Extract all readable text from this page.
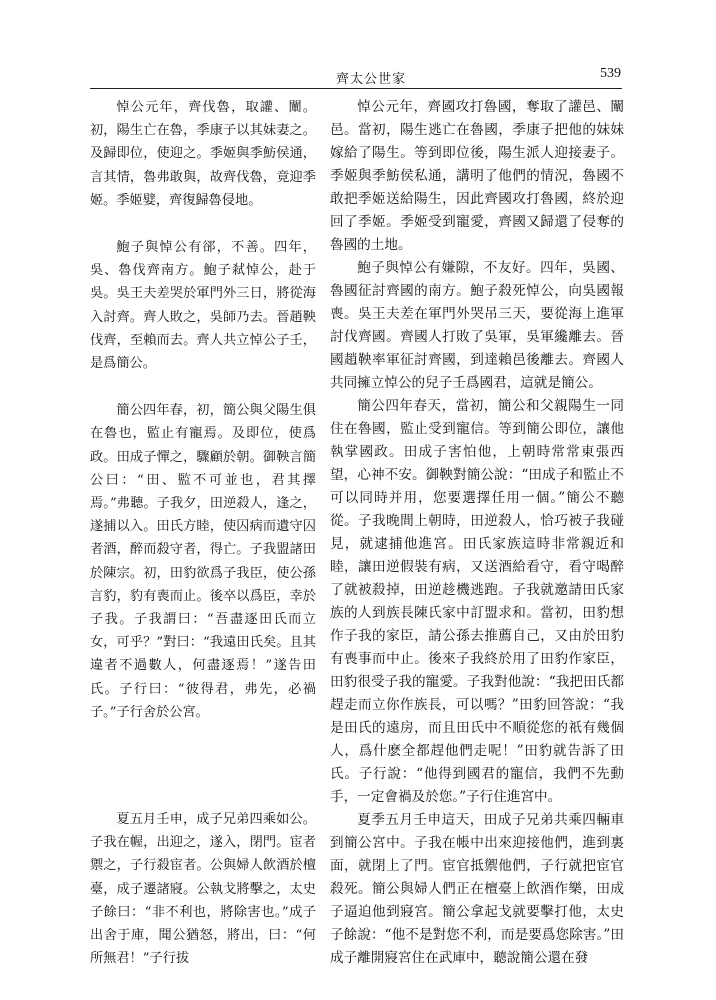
齊太公世家	539

悼公元年，齊伐魯，取讙、闡。初，陽生亡在魯，季康子以其妹妻之。及歸即位，使迎之。季姬與季魴侯通，言其情，魯弗敢與，故齊伐魯，竟迎季姬。季姬嬖，齊復歸魯侵地。

鮑子與悼公有郤，不善。四年，吳、魯伐齊南方。鮑子弒悼公，赴于吳。吳王夫差哭於軍門外三日，將從海入討齊。齊人敗之，吳師乃去。晉趙鞅伐齊，至賴而去。齊人共立悼公子壬，是爲簡公。

簡公四年春，初，簡公與父陽生俱在魯也，監止有寵焉。及即位，使爲政。田成子憚之，驟顧於朝。御鞅言簡公曰：“田、監不可並也，君其擇焉。”弗聽。子我夕，田逆殺人，逢之，遂捕以入。田氏方睦，使囚病而遺守囚者酒，醉而殺守者，得亡。子我盟諸田於陳宗。初，田豹欲爲子我臣，使公孫言豹，豹有喪而止。後卒以爲臣，幸於子我。子我謂曰：“吾盡逐田氏而立女，可乎？”對曰：“我遠田氏矣。且其違者不過數人，何盡逐焉！”遂告田氏。子行曰：“彼得君，弗先，必禍子。”子行舍於公宮。

夏五月壬申，成子兄弟四乘如公。子我在幄，出迎之，遂入，閉門。宦者禦之，子行殺宦者。公與婦人飲酒於檀臺，成子遷諸寢。公執戈將擊之，太史子餘曰：“非不利也，將除害也。”成子出舍于庫，聞公猶怒，將出，曰：“何所無君！”子行拔

悼公元年，齊國攻打魯國，奪取了讙邑、闡邑。當初，陽生逃亡在魯國，季康子把他的妹妹嫁給了陽生。等到即位後，陽生派人迎接妻子。季姬與季魴侯私通，講明了他們的情況，魯國不敢把季姬送給陽生，因此齊國攻打魯國，終於迎回了季姬。季姬受到寵愛，齊國又歸還了侵奪的魯國的土地。

鮑子與悼公有嫌隙，不友好。四年，吳國、魯國征討齊國的南方。鮑子殺死悼公，向吳國報喪。吳王夫差在軍門外哭吊三天，要從海上進軍討伐齊國。齊國人打敗了吳軍，吳軍纔離去。晉國趙鞅率軍征討齊國，到達賴邑後離去。齊國人共同擁立悼公的兒子壬爲國君，這就是簡公。

簡公四年春天，當初，簡公和父親陽生一同住在魯國，監止受到寵信。等到簡公即位，讓他執掌國政。田成子害怕他，上朝時常常東張西望，心神不安。御鞅對簡公說：“田成子和監止不可以同時并用，您要選擇任用一個。”簡公不聽從。子我晚間上朝時，田逆殺人，恰巧被子我碰見，就逮捕他進宮。田氏家族這時非常親近和睦，讓田逆假裝有病，又送酒給看守，看守喝醉了就被殺掉，田逆趁機逃跑。子我就邀請田氏家族的人到族長陳氏家中訂盟求和。當初，田豹想作子我的家臣，請公孫去推薦自己，又由於田豹有喪事而中止。後來子我終於用了田豹作家臣，田豹很受子我的寵愛。子我對他說：“我把田氏都趕走而立你作族長，可以嗎？”田豹回答說：“我是田氏的遠房，而且田氏中不順從您的祇有幾個人，爲什麽全都趕他們走呢！”田豹就告訴了田氏。子行說：“他得到國君的寵信，我們不先動手，一定會禍及於您。”子行住進宮中。

夏季五月壬申這天，田成子兄弟共乘四輛車到簡公宮中。子我在帳中出來迎接他們，進到裏面，就閉上了門。宦官抵禦他們，子行就把宦官殺死。簡公與婦人們正在檀臺上飲酒作樂，田成子逼迫他到寢宮。簡公拿起戈就要擊打他，太史子餘說：“他不是對您不利，而是要爲您除害。”田成子離開寢宮住在武庫中，聽說簡公還在發
